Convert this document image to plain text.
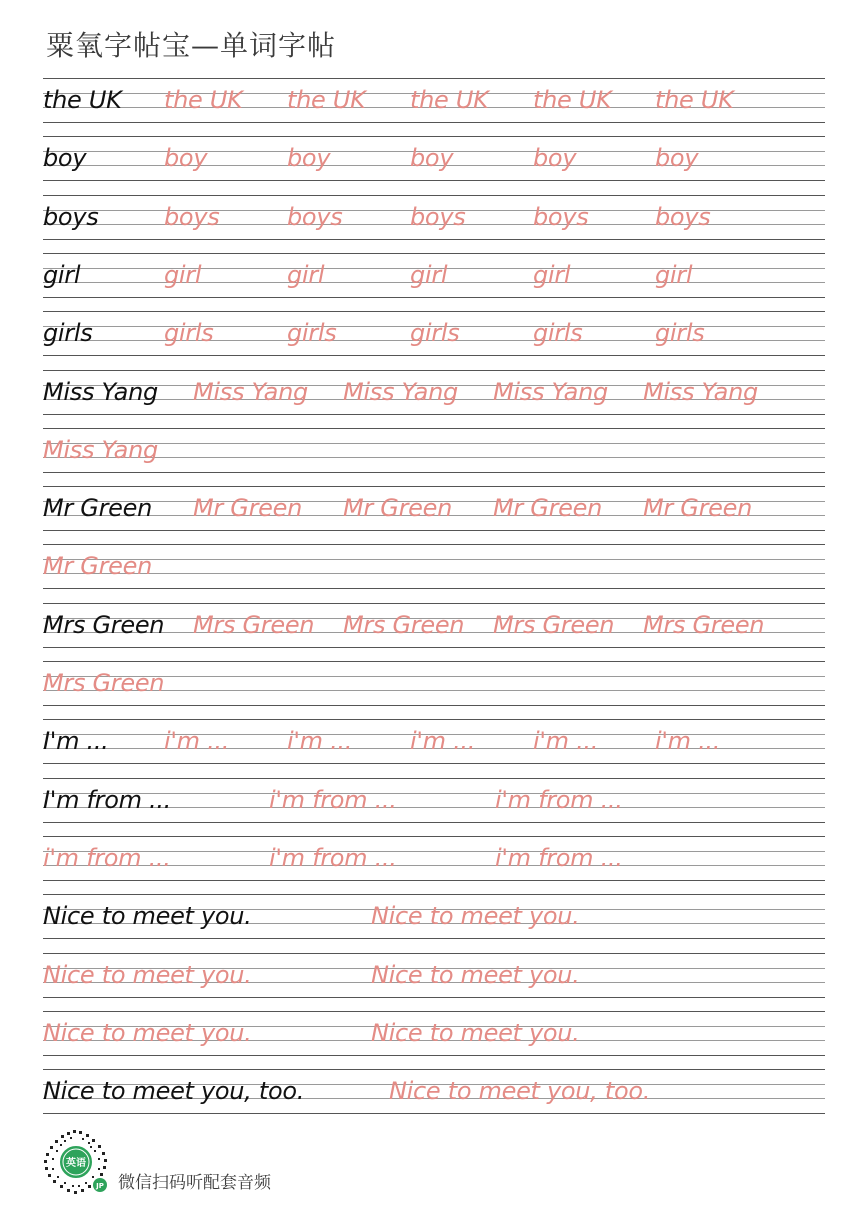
粟氧字帖宝—单词字帖
the UK the UK the UK the UK the UK the UK
boy	boy	boy	boy	boy	boy
boys	boys	boys	boys	boys	boys
girl	girl	girl	girl	girl	girl
girls	girls	girls	girls	girls	girls
Miss Yang Miss Yang Miss Yang Miss Yang Miss Yang
Miss Yang
Mr Green Mr Green Mr Green Mr Green Mr Green
Mr Green
Mrs Green Mrs Green Mrs Green Mrs Green Mrs Green
Mrs Green
I'm ... i'm ... i'm ... i'm ... i'm ... i'm ...
I'm from ...	i'm from ...	i'm from ...
i'm from ...	i'm from ...	i'm from ...
Nice to meet you.	Nice to meet you.
Nice to meet you.	Nice to meet you.
Nice to meet you.	Nice to meet you.
Nice to meet you, too.	Nice to meet you, too.
英语
JP 微信扫码听配套音频
